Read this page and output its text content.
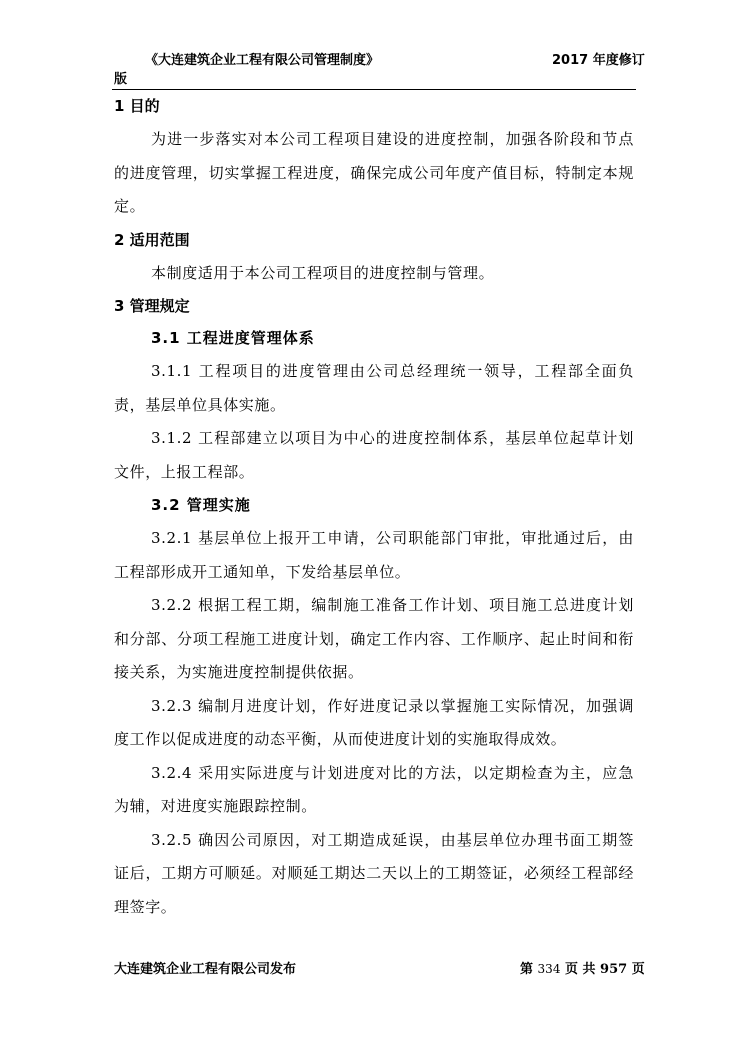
《大连建筑企业工程有限公司管理制度》	2017 年度修订
版
1 目的

为进一步落实对本公司工程项目建设的进度控制，加强各阶段和节点的进度管理，切实掌握工程进度，确保完成公司年度产值目标，特制定本规定。

2 适用范围

本制度适用于本公司工程项目的进度控制与管理。

3 管理规定
3.1 工程进度管理体系

3.1.1 工程项目的进度管理由公司总经理统一领导，工程部全面负责，基层单位具体实施。

3.1.2 工程部建立以项目为中心的进度控制体系，基层单位起草计划文件，上报工程部。

3.2 管理实施

3.2.1 基层单位上报开工申请，公司职能部门审批，审批通过后，由工程部形成开工通知单，下发给基层单位。

3.2.2 根据工程工期，编制施工准备工作计划、项目施工总进度计划和分部、分项工程施工进度计划，确定工作内容、工作顺序、起止时间和衔接关系，为实施进度控制提供依据。

3.2.3 编制月进度计划，作好进度记录以掌握施工实际情况，加强调度工作以促成进度的动态平衡，从而使进度计划的实施取得成效。

3.2.4 采用实际进度与计划进度对比的方法，以定期检查为主，应急为辅，对进度实施跟踪控制。

3.2.5 确因公司原因，对工期造成延误，由基层单位办理书面工期签证后，工期方可顺延。对顺延工期达二天以上的工期签证，必须经工程部经理签字。

大连建筑企业工程有限公司发布	第 334 页 共 957 页
